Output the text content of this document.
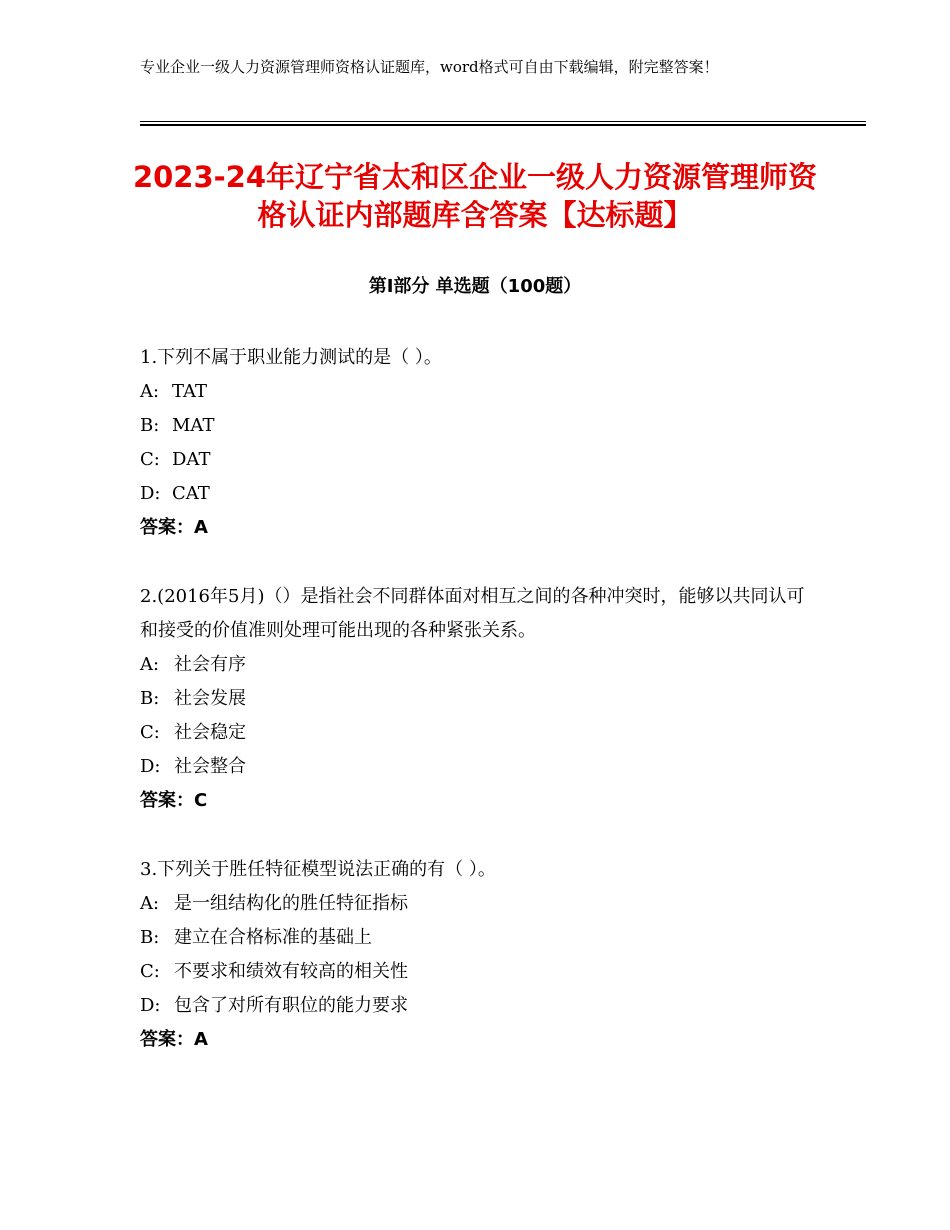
专业企业一级人力资源管理师资格认证题库，word格式可自由下载编辑，附完整答案！
2023-24年辽宁省太和区企业一级人力资源管理师资格认证内部题库含答案【达标题】
第Ⅰ部分 单选题（100题）
1.下列不属于职业能力测试的是（ ）。
A: TAT
B: MAT
C: DAT
D: CAT
答案：A
2.(2016年5月)（）是指社会不同群体面对相互之间的各种冲突时，能够以共同认可和接受的价值准则处理可能出现的各种紧张关系。
A: 社会有序
B: 社会发展
C: 社会稳定
D: 社会整合
答案：C
3.下列关于胜任特征模型说法正确的有（ ）。
A: 是一组结构化的胜任特征指标
B: 建立在合格标准的基础上
C: 不要求和绩效有较高的相关性
D: 包含了对所有职位的能力要求
答案：A
